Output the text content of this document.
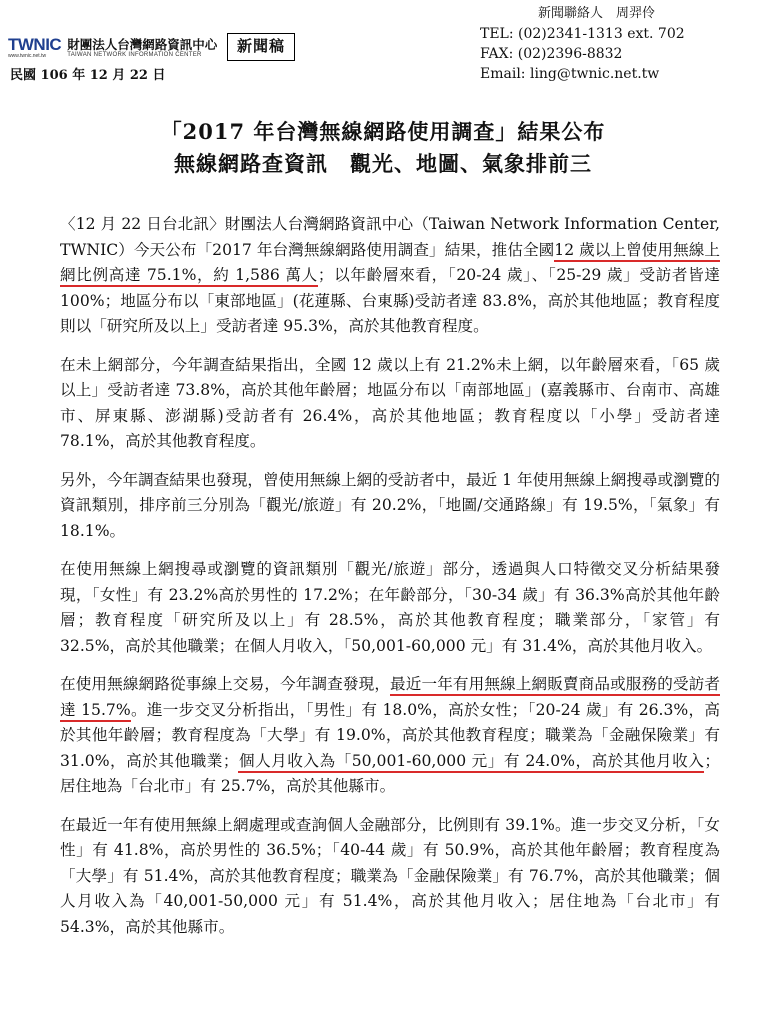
TWNIC
www.twnic.net.tw
財團法人台灣網路資訊中心
TAIWAN NETWORK INFORMATION CENTER	新聞稿
民國 106 年 12 月 22 日
新聞聯絡人　周羿伶
TEL: (02)2341-1313 ext. 702
FAX: (02)2396-8832
Email: ling@twnic.net.tw
「2017 年台灣無線網路使用調查」結果公布
無線網路查資訊　觀光、地圖、氣象排前三

〈12 月 22 日台北訊〉財團法人台灣網路資訊中心（Taiwan Network Information Center, TWNIC）今天公布「2017 年台灣無線網路使用調查」結果，推估全國12 歲以上曾使用無線上網比例高達 75.1%，約 1,586 萬人；以年齡層來看，「20-24 歲」、「25-29 歲」受訪者皆達 100%；地區分布以「東部地區」(花蓮縣、台東縣)受訪者達 83.8%，高於其他地區；教育程度則以「研究所及以上」受訪者達 95.3%，高於其他教育程度。

在未上網部分，今年調查結果指出，全國 12 歲以上有 21.2%未上網，以年齡層來看，「65 歲以上」受訪者達 73.8%，高於其他年齡層；地區分布以「南部地區」(嘉義縣市、台南市、高雄市、屏東縣、澎湖縣)受訪者有 26.4%，高於其他地區；教育程度以「小學」受訪者達 78.1%，高於其他教育程度。

另外，今年調查結果也發現，曾使用無線上網的受訪者中，最近 1 年使用無線上網搜尋或瀏覽的資訊類別，排序前三分別為「觀光/旅遊」有 20.2%，「地圖/交通路線」有 19.5%，「氣象」有 18.1%。

在使用無線上網搜尋或瀏覽的資訊類別「觀光/旅遊」部分，透過與人口特徵交叉分析結果發現，「女性」有 23.2%高於男性的 17.2%；在年齡部分，「30-34 歲」有 36.3%高於其他年齡層；教育程度「研究所及以上」有 28.5%，高於其他教育程度；職業部分，「家管」有 32.5%，高於其他職業；在個人月收入，「50,001-60,000 元」有 31.4%，高於其他月收入。

在使用無線網路從事線上交易，今年調查發現，最近一年有用無線上網販賣商品或服務的受訪者達 15.7%。進一步交叉分析指出，「男性」有 18.0%，高於女性；「20-24 歲」有 26.3%，高於其他年齡層；教育程度為「大學」有 19.0%，高於其他教育程度；職業為「金融保險業」有 31.0%，高於其他職業；個人月收入為「50,001-60,000 元」有 24.0%，高於其他月收入；居住地為「台北市」有 25.7%，高於其他縣市。

在最近一年有使用無線上網處理或查詢個人金融部分，比例則有 39.1%。進一步交叉分析，「女性」有 41.8%，高於男性的 36.5%；「40-44 歲」有 50.9%，高於其他年齡層；教育程度為「大學」有 51.4%，高於其他教育程度；職業為「金融保險業」有 76.7%，高於其他職業；個人月收入為「40,001-50,000 元」有 51.4%，高於其他月收入；居住地為「台北市」有 54.3%，高於其他縣市。
